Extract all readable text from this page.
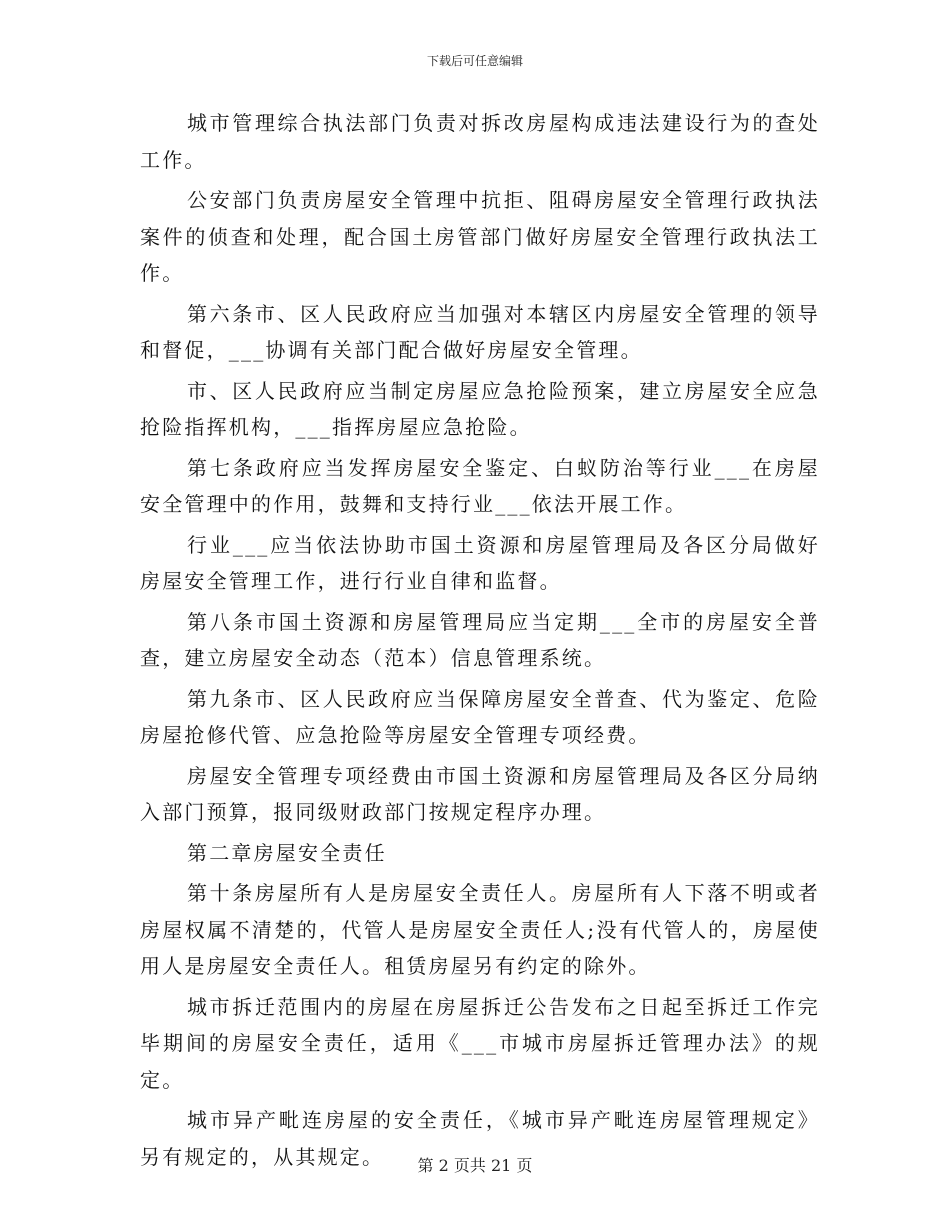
下载后可任意编辑

城市管理综合执法部门负责对拆改房屋构成违法建设行为的查处工作。

公安部门负责房屋安全管理中抗拒、阻碍房屋安全管理行政执法案件的侦查和处理，配合国土房管部门做好房屋安全管理行政执法工作。

第六条市、区人民政府应当加强对本辖区内房屋安全管理的领导和督促，___协调有关部门配合做好房屋安全管理。

市、区人民政府应当制定房屋应急抢险预案，建立房屋安全应急抢险指挥机构，___指挥房屋应急抢险。

第七条政府应当发挥房屋安全鉴定、白蚁防治等行业___在房屋安全管理中的作用，鼓舞和支持行业___依法开展工作。

行业___应当依法协助市国土资源和房屋管理局及各区分局做好房屋安全管理工作，进行行业自律和监督。

第八条市国土资源和房屋管理局应当定期___全市的房屋安全普查，建立房屋安全动态（范本）信息管理系统。

第九条市、区人民政府应当保障房屋安全普查、代为鉴定、危险房屋抢修代管、应急抢险等房屋安全管理专项经费。

房屋安全管理专项经费由市国土资源和房屋管理局及各区分局纳入部门预算，报同级财政部门按规定程序办理。

第二章房屋安全责任

第十条房屋所有人是房屋安全责任人。房屋所有人下落不明或者房屋权属不清楚的，代管人是房屋安全责任人;没有代管人的，房屋使用人是房屋安全责任人。租赁房屋另有约定的除外。

城市拆迁范围内的房屋在房屋拆迁公告发布之日起至拆迁工作完毕期间的房屋安全责任，适用《___市城市房屋拆迁管理办法》的规定。

城市异产毗连房屋的安全责任，《城市异产毗连房屋管理规定》另有规定的，从其规定。	第 2 页共 21 页
